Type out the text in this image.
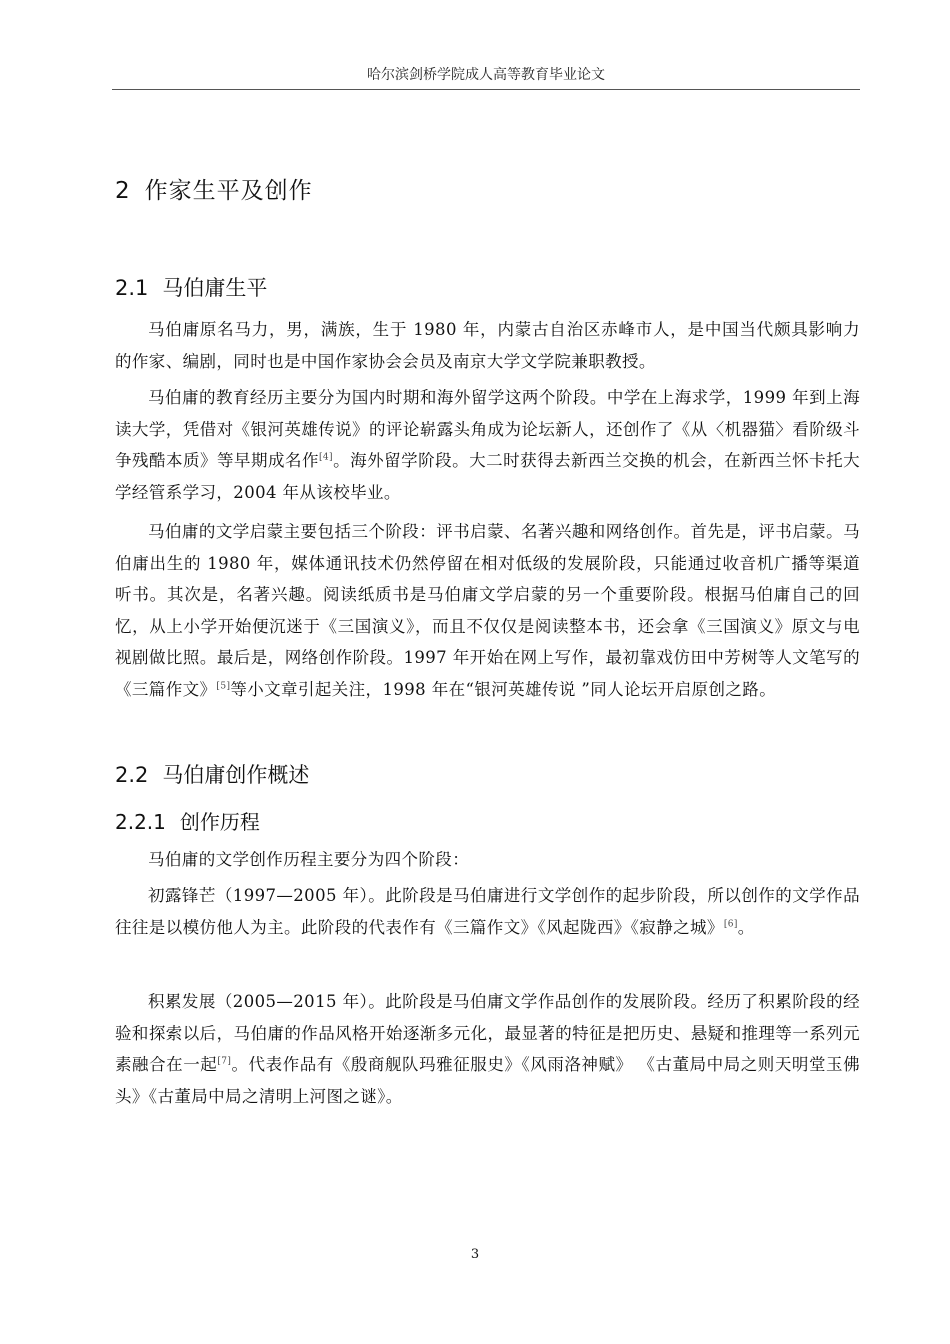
哈尔滨剑桥学院成人高等教育毕业论文
2 作家生平及创作
2.1 马伯庸生平

马伯庸原名马力，男，满族，生于 1980 年，内蒙古自治区赤峰市人，是中国当代颇具影响力的作家、编剧，同时也是中国作家协会会员及南京大学文学院兼职教授。

马伯庸的教育经历主要分为国内时期和海外留学这两个阶段。中学在上海求学，1999 年到上海读大学，凭借对《银河英雄传说》的评论崭露头角成为论坛新人，还创作了《从〈机器猫〉看阶级斗争残酷本质》等早期成名作[4]。海外留学阶段。大二时获得去新西兰交换的机会，在新西兰怀卡托大学经管系学习，2004 年从该校毕业。

马伯庸的文学启蒙主要包括三个阶段：评书启蒙、名著兴趣和网络创作。首先是，评书启蒙。马伯庸出生的 1980 年，媒体通讯技术仍然停留在相对低级的发展阶段，只能通过收音机广播等渠道听书。其次是，名著兴趣。阅读纸质书是马伯庸文学启蒙的另一个重要阶段。根据马伯庸自己的回忆，从上小学开始便沉迷于《三国演义》，而且不仅仅是阅读整本书，还会拿《三国演义》原文与电视剧做比照。最后是，网络创作阶段。1997 年开始在网上写作，最初靠戏仿田中芳树等人文笔写的《三篇作文》[5]等小文章引起关注，1998 年在“银河英雄传说 ”同人论坛开启原创之路。

2.2 马伯庸创作概述
2.2.1 创作历程

马伯庸的文学创作历程主要分为四个阶段：

初露锋芒（1997—2005 年）。此阶段是马伯庸进行文学创作的起步阶段，所以创作的文学作品往往是以模仿他人为主。此阶段的代表作有《三篇作文》《风起陇西》《寂静之城》[6]。

积累发展（2005—2015 年）。此阶段是马伯庸文学作品创作的发展阶段。经历了积累阶段的经验和探索以后，马伯庸的作品风格开始逐渐多元化，最显著的特征是把历史、悬疑和推理等一系列元素融合在一起[7]。代表作品有《殷商舰队玛雅征服史》《风雨洛神赋》 《古董局中局之则天明堂玉佛头》《古董局中局之清明上河图之谜》。

3
